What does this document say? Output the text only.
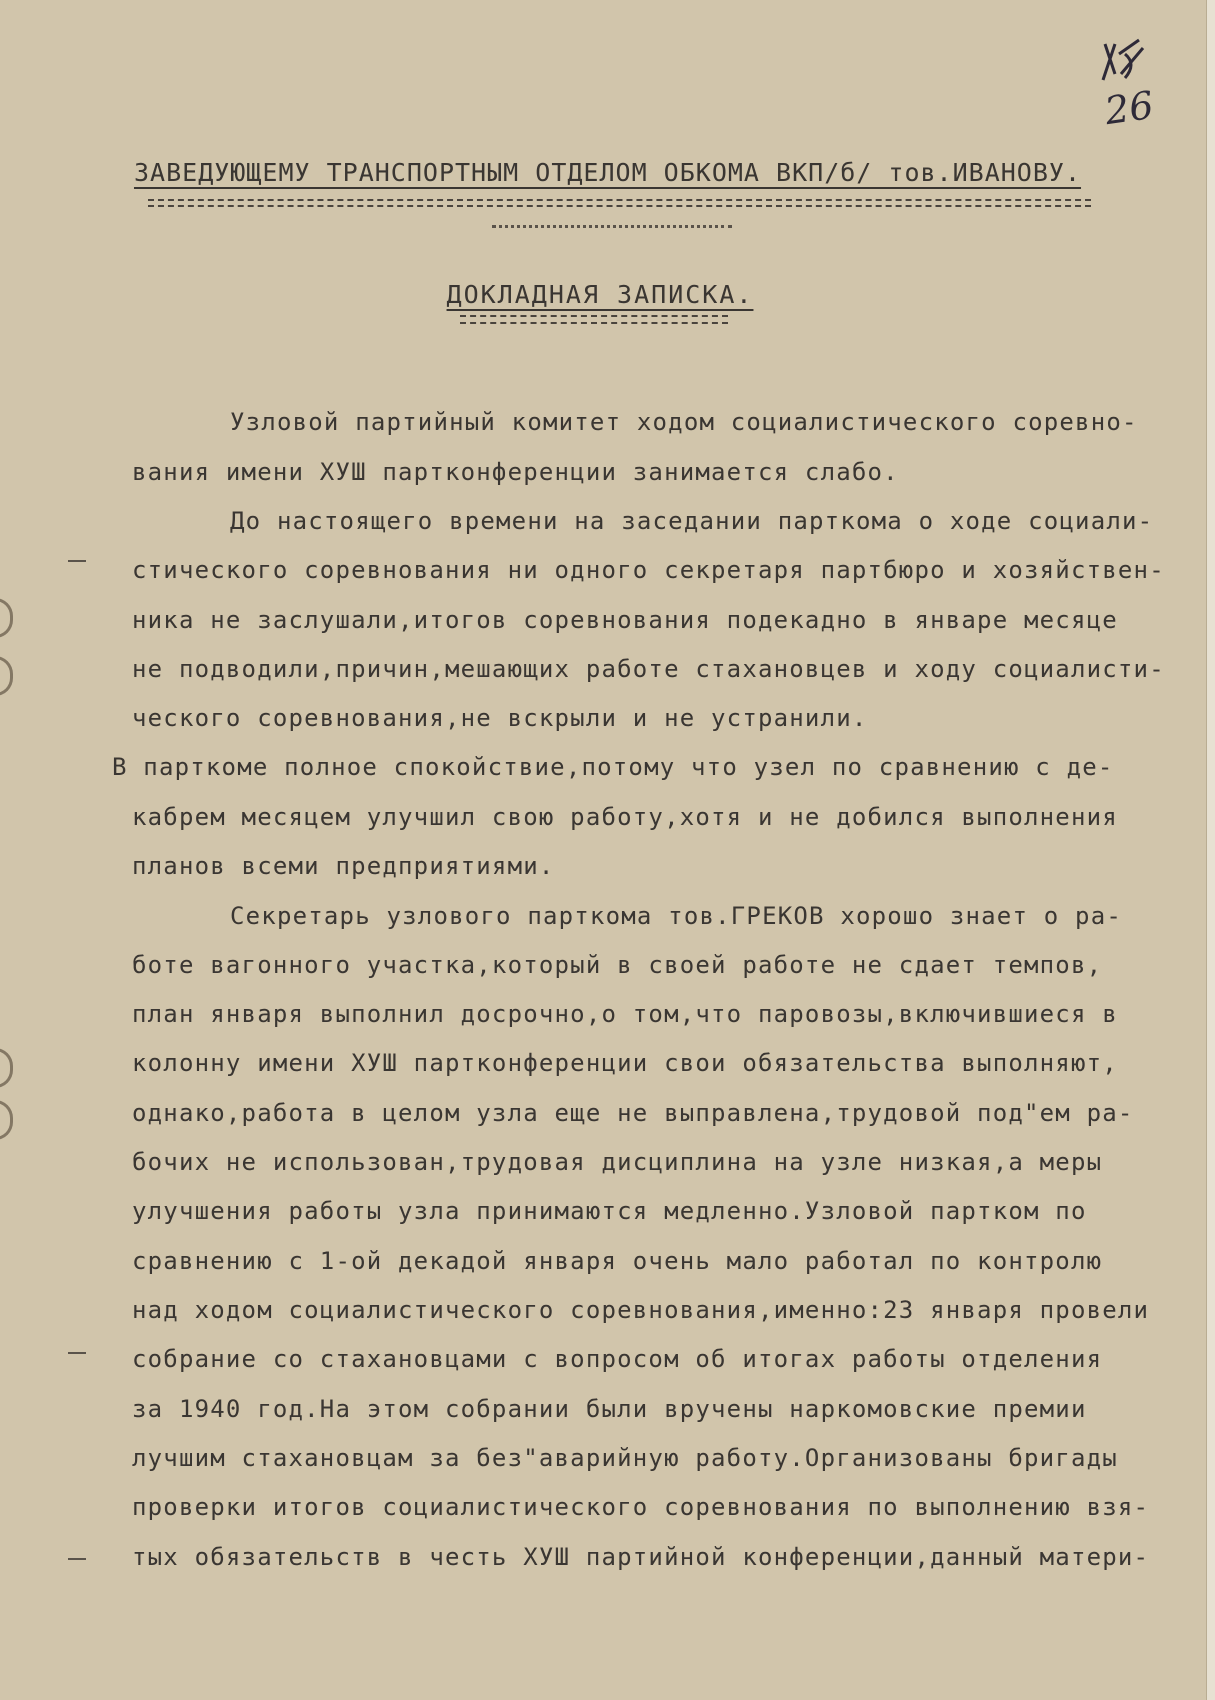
26
ЗАВЕДУЮЩЕМУ ТРАНСПОРТНЫМ ОТДЕЛОМ ОБКОМА ВКП/б/ тов.ИВАНОВУ.
ДОКЛАДНАЯ ЗАПИСКА.
Узловой партийный комитет ходом социалистического соревно-
вания имени ХУШ партконференции занимается слабо.
До настоящего времени на заседании парткома о ходе социали-
стического соревнования ни одного секретаря партбюро и хозяйствен-
ника не заслушали,итогов соревнования подекадно в январе месяце
не подводили,причин,мешающих работе стахановцев и ходу социалисти-
ческого соревнования,не вскрыли и не устранили.
В парткоме полное спокойствие,потому что узел по сравнению с де-
кабрем месяцем улучшил свою работу,хотя и не добился выполнения
планов всеми предприятиями.
Секретарь узлового парткома тов.ГРЕКОВ хорошо знает о ра-
боте вагонного участка,который в своей работе не сдает темпов,
план января выполнил досрочно,о том,что паровозы,включившиеся в
колонну имени ХУШ партконференции свои обязательства выполняют,
однако,работа в целом узла еще не выправлена,трудовой под"ем ра-
бочих не использован,трудовая дисциплина на узле низкая,а меры
улучшения работы узла принимаются медленно.Узловой партком по
сравнению с 1-ой декадой января очень мало работал по контролю
над ходом социалистического соревнования,именно:23 января провели
собрание со стахановцами с вопросом об итогах работы отделения
за 1940 год.На этом собрании были вручены наркомовские премии
лучшим стахановцам за без"аварийную работу.Организованы бригады
проверки итогов социалистического соревнования по выполнению взя-
тых обязательств в честь ХУШ партийной конференции,данный матери-
